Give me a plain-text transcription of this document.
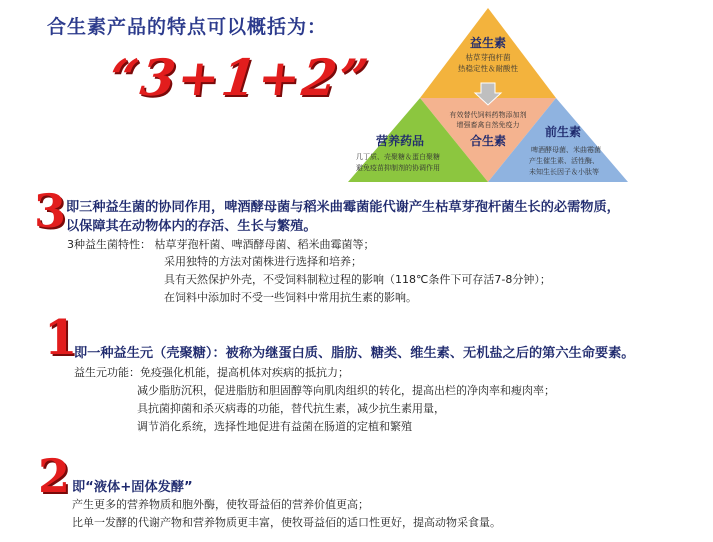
合生素产品的特点可以概括为：
“3+1+2”
益生素
枯草芽孢杆菌
热稳定性＆耐酸性
有效替代饲料药物添加剂
增强畜禽自然免疫力
合生素
营养药品
几丁质、壳聚糖＆蛋白聚糖
避免疫苗抑制剂的协调作用
前生素
啤酒酵母菌、米曲霉菌
产生催生素、活性酶、
未知生长因子＆小肽等
3 即三种益生菌的协同作用，啤酒酵母菌与稻米曲霉菌能代谢产生枯草芽孢杆菌生长的必需物质，
以保障其在动物体内的存活、生长与繁殖。
3种益生菌特性： 枯草芽孢杆菌、啤酒酵母菌、稻米曲霉菌等；
采用独特的方法对菌株进行选择和培养；
具有天然保护外壳，不受饲料制粒过程的影响（118℃条件下可存活7-8分钟）；
在饲料中添加时不受一些饲料中常用抗生素的影响。
1
即一种益生元（壳聚糖）：被称为继蛋白质、脂肪、糖类、维生素、无机盐之后的第六生命要素。
益生元功能：免疫强化机能，提高机体对疾病的抵抗力；
减少脂肪沉积，促进脂肪和胆固醇等向肌肉组织的转化，提高出栏的净肉率和瘦肉率；
具抗菌抑菌和杀灭病毒的功能，替代抗生素，减少抗生素用量，
调节消化系统，选择性地促进有益菌在肠道的定植和繁殖
2 即“液体+固体发酵”
产生更多的营养物质和胞外酶，使牧哥益佰的营养价值更高；
比单一发酵的代谢产物和营养物质更丰富，使牧哥益佰的适口性更好，提高动物采食量。
